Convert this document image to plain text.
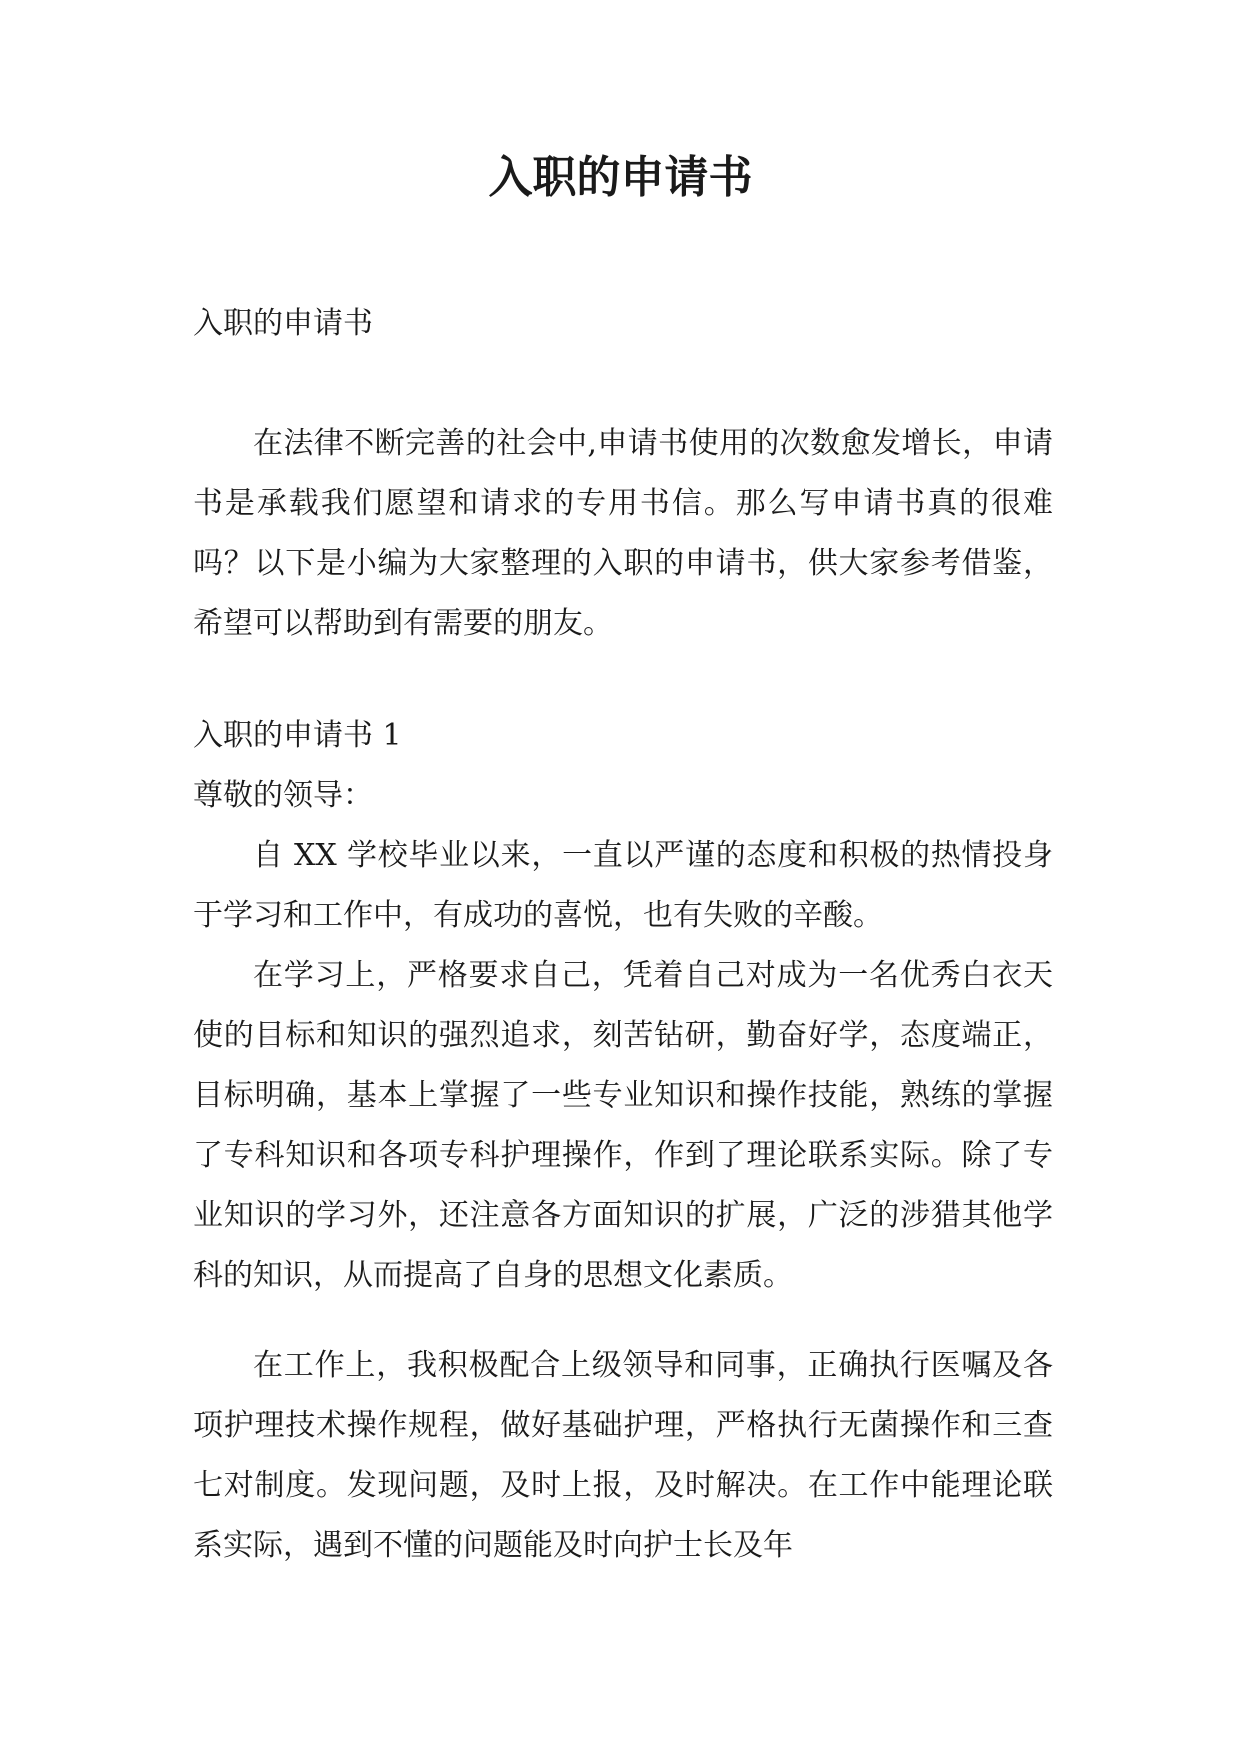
入职的申请书

入职的申请书

在法律不断完善的社会中,申请书使用的次数愈发增长，申请书是承载我们愿望和请求的专用书信。那么写申请书真的很难吗？以下是小编为大家整理的入职的申请书，供大家参考借鉴，希望可以帮助到有需要的朋友。

入职的申请书 1

尊敬的领导：

自 XX 学校毕业以来，一直以严谨的态度和积极的热情投身于学习和工作中，有成功的喜悦，也有失败的辛酸。

在学习上，严格要求自己，凭着自己对成为一名优秀白衣天使的目标和知识的强烈追求，刻苦钻研，勤奋好学，态度端正，目标明确，基本上掌握了一些专业知识和操作技能，熟练的掌握了专科知识和各项专科护理操作，作到了理论联系实际。除了专业知识的学习外，还注意各方面知识的扩展，广泛的涉猎其他学科的知识，从而提高了自身的思想文化素质。

在工作上，我积极配合上级领导和同事，正确执行医嘱及各项护理技术操作规程，做好基础护理，严格执行无菌操作和三查七对制度。发现问题，及时上报，及时解决。在工作中能理论联系实际，遇到不懂的问题能及时向护士长及年
